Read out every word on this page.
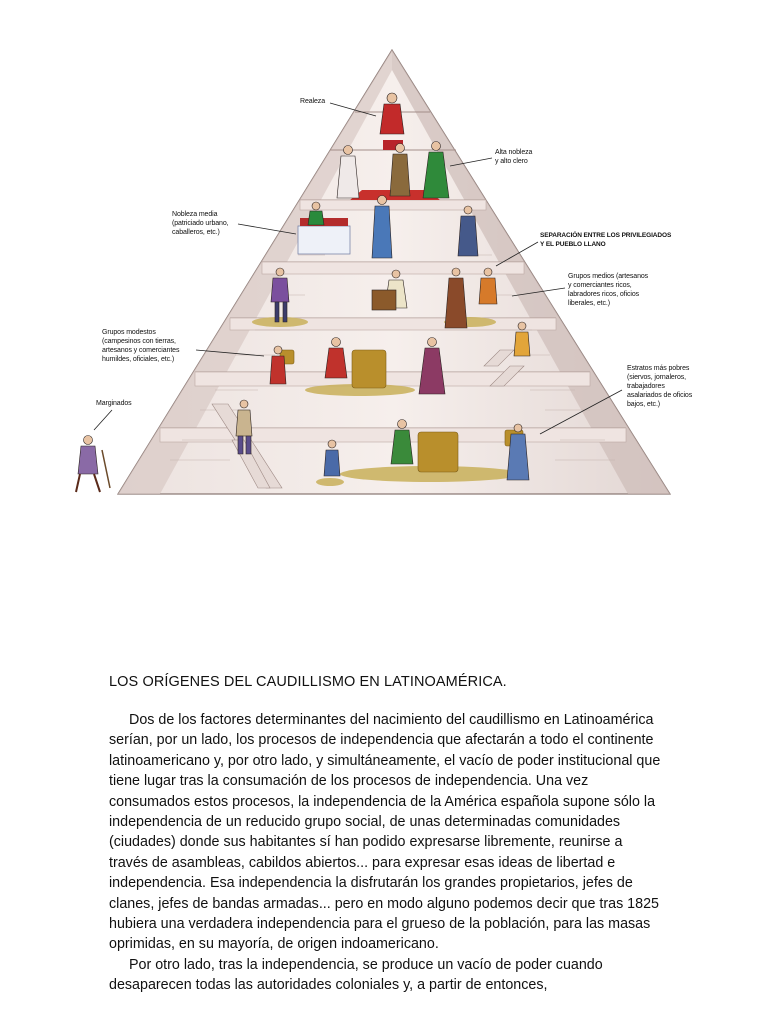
Realeza
Alta nobleza
y alto clero
Nobleza media
(patriciado urbano,
caballeros, etc.)	SEPARACIÓN ENTRE LOS PRIVILEGIADOS
Y EL PUEBLO LLANO
Grupos medios (artesanos
y comerciantes ricos,
labradores ricos, oficios
liberales, etc.)
Grupos modestos
(campesinos con tierras,
artesanos y comerciantes
humildes, oficiales, etc.)
Marginados
Estratos más pobres
(siervos, jornaleros,
trabajadores
asalariados de oficios
bajos, etc.)
LOS ORÍGENES DEL CAUDILLISMO EN LATINOAMÉRICA.

Dos de los factores determinantes del nacimiento del caudillismo en Latinoamérica serían, por un lado, los procesos de independencia que afectarán a todo el continente latinoamericano y, por otro lado, y simultáneamente, el vacío de poder institucional que tiene lugar tras la consumación de los procesos de independencia. Una vez consumados estos procesos, la independencia de la América española supone sólo la independencia de un reducido grupo social, de unas determinadas comunidades (ciudades) donde sus habitantes sí han podido expresarse libremente, reunirse a través de asambleas, cabildos abiertos... para expresar esas ideas de libertad e independencia. Esa independencia la disfrutarán los grandes propietarios, jefes de clanes, jefes de bandas armadas... pero en modo alguno podemos decir que tras 1825 hubiera una verdadera independencia para el grueso de la población, para las masas oprimidas, en su mayoría, de origen indoamericano.

Por otro lado, tras la independencia, se produce un vacío de poder cuando desaparecen todas las autoridades coloniales y, a partir de entonces,
